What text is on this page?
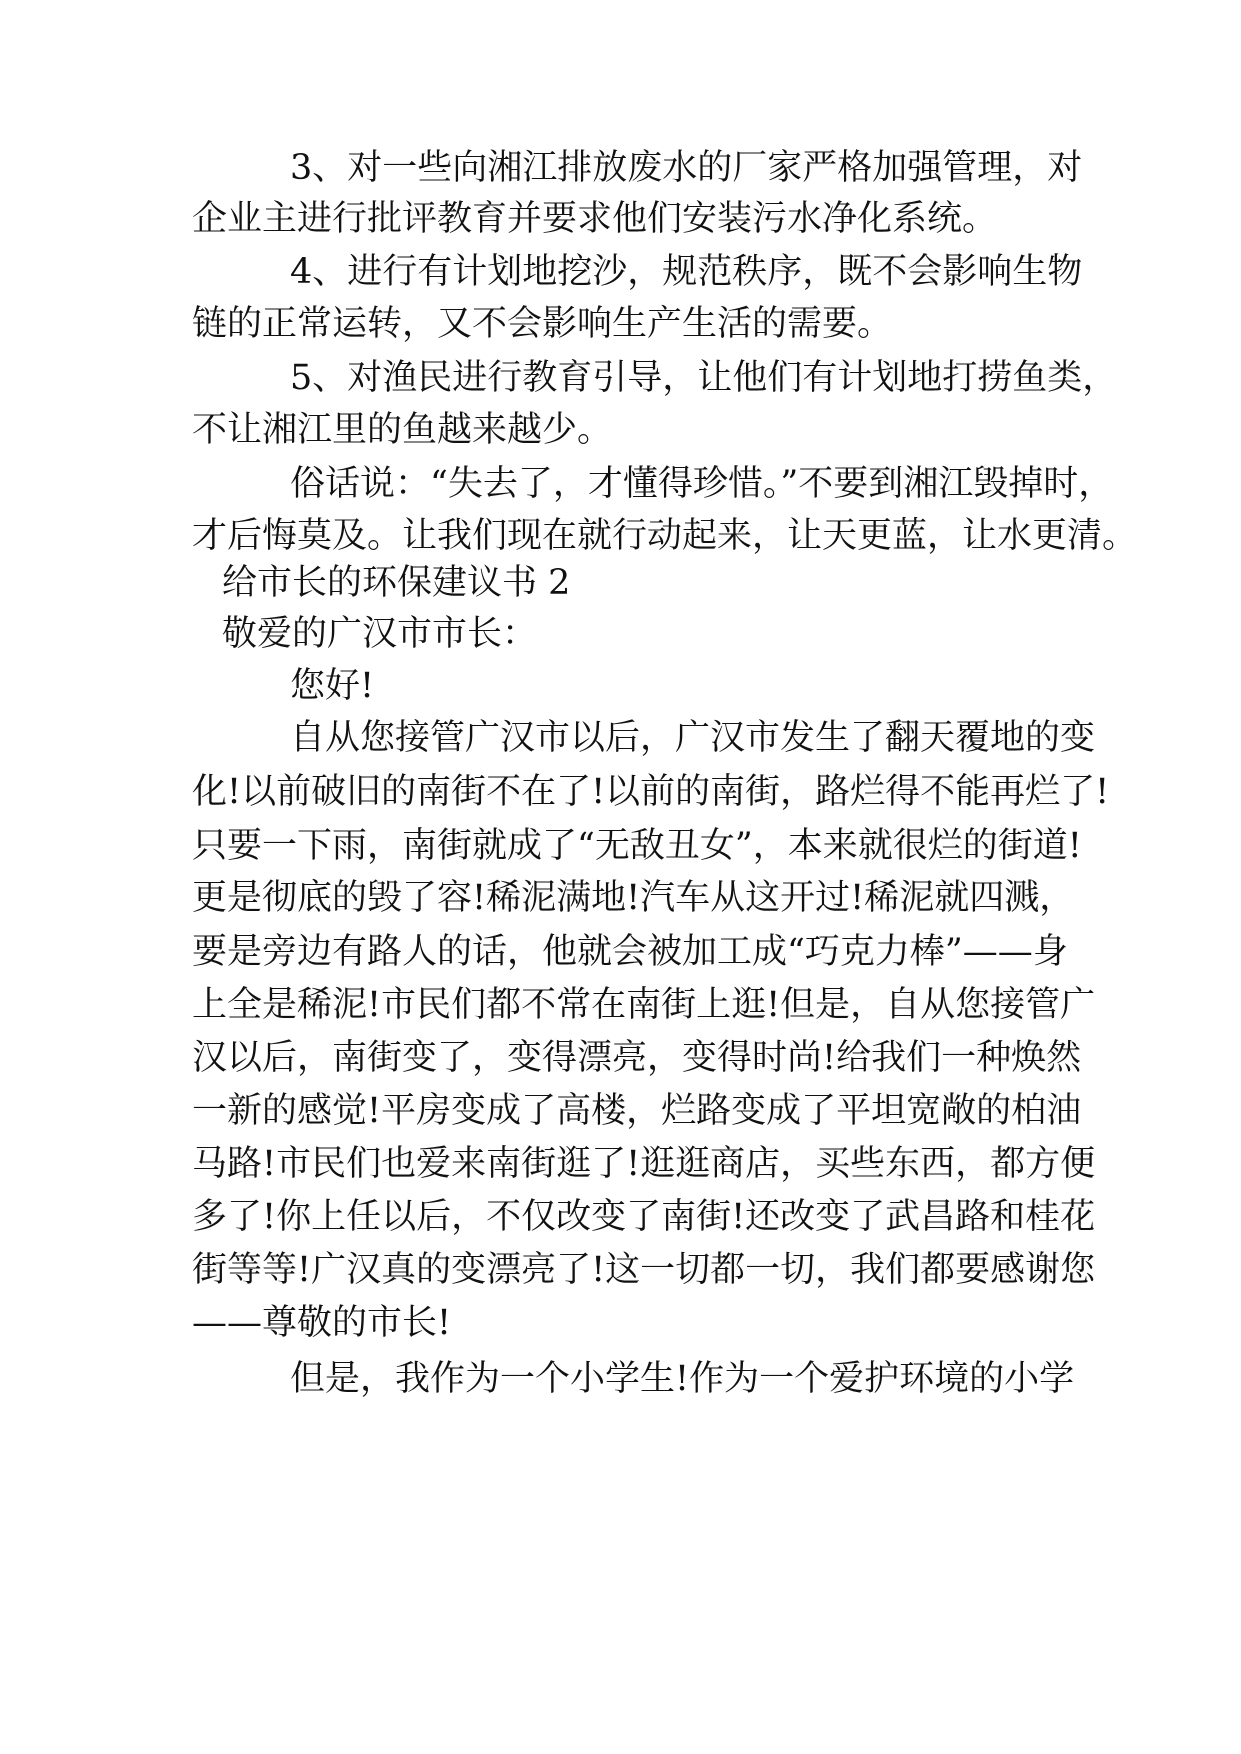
3、对一些向湘江排放废水的厂家严格加强管理，对
企业主进行批评教育并要求他们安装污水净化系统。
4、进行有计划地挖沙，规范秩序，既不会影响生物
链的正常运转，又不会影响生产生活的需要。
5、对渔民进行教育引导，让他们有计划地打捞鱼类，
不让湘江里的鱼越来越少。
俗话说：“失去了，才懂得珍惜。”不要到湘江毁掉时，
才后悔莫及。让我们现在就行动起来，让天更蓝，让水更清。
给市长的环保建议书 2
敬爱的广汉市市长：
您好!
自从您接管广汉市以后，广汉市发生了翻天覆地的变
化!以前破旧的南街不在了!以前的南街，路烂得不能再烂了!
只要一下雨，南街就成了“无敌丑女”，本来就很烂的街道!
更是彻底的毁了容!稀泥满地!汽车从这开过!稀泥就四溅，
要是旁边有路人的话，他就会被加工成“巧克力棒”——身
上全是稀泥!市民们都不常在南街上逛!但是，自从您接管广
汉以后，南街变了，变得漂亮，变得时尚!给我们一种焕然
一新的感觉!平房变成了高楼，烂路变成了平坦宽敞的柏油
马路!市民们也爱来南街逛了!逛逛商店，买些东西，都方便
多了!你上任以后，不仅改变了南街!还改变了武昌路和桂花
街等等!广汉真的变漂亮了!这一切都一切，我们都要感谢您
——尊敬的市长!
但是，我作为一个小学生!作为一个爱护环境的小学
